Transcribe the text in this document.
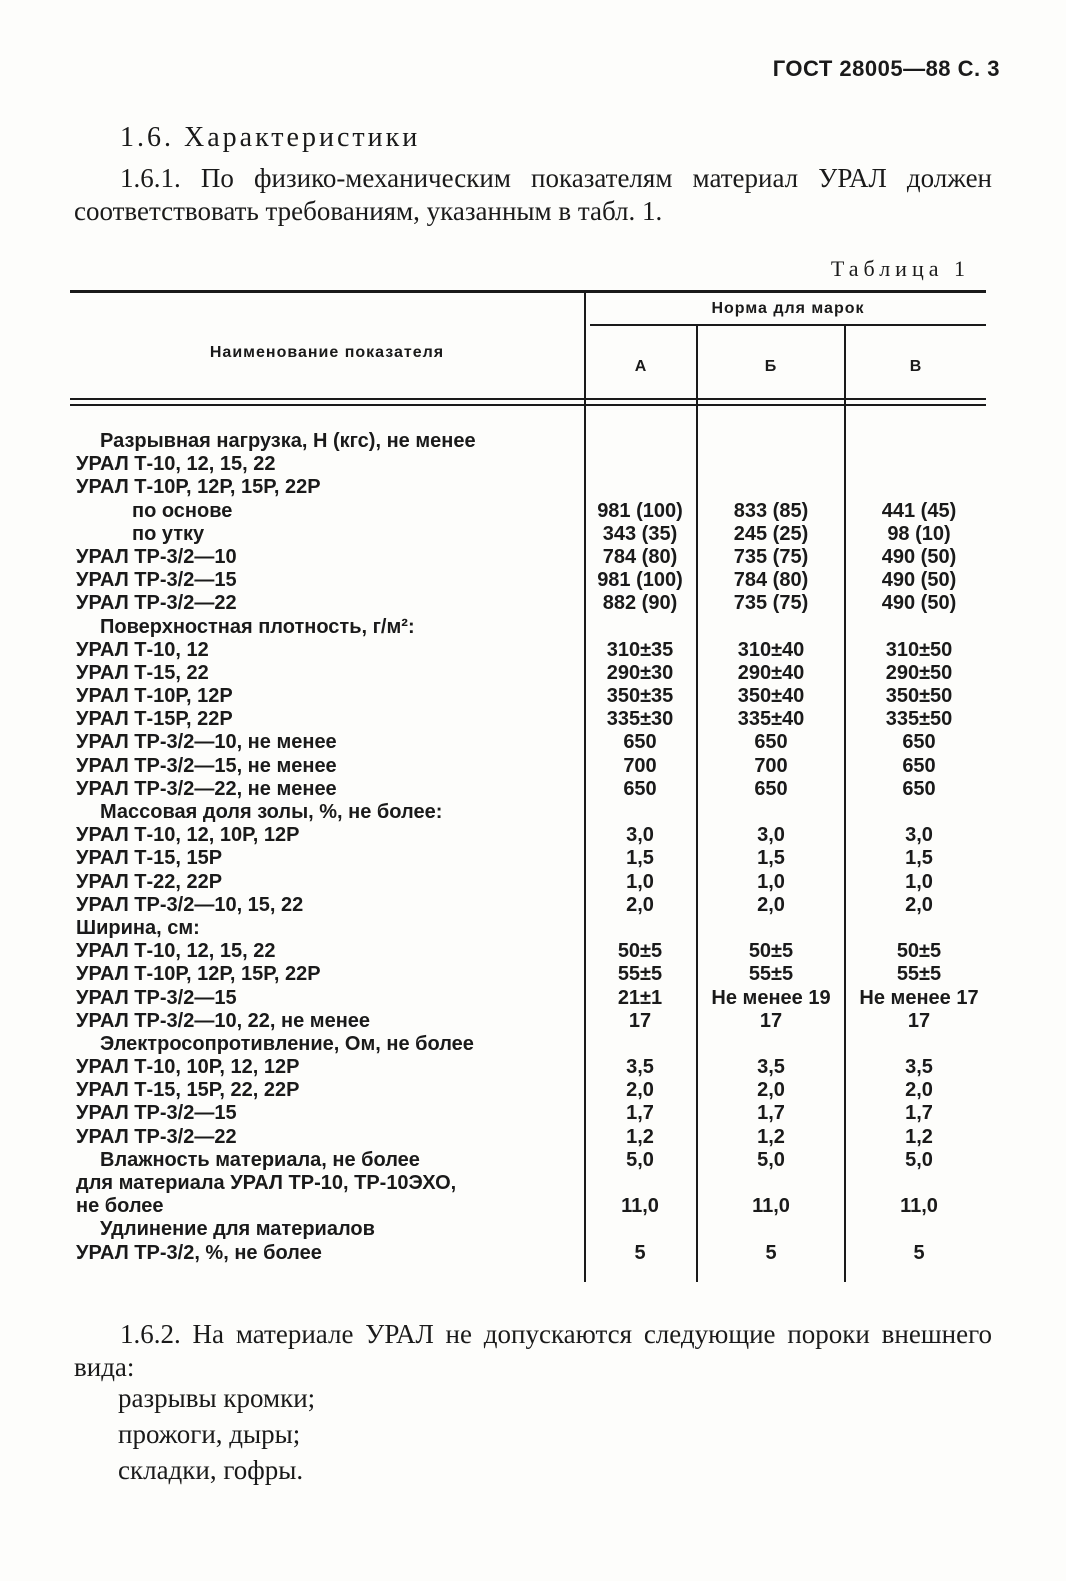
ГОСТ 28005—88 С. 3
1.6. Характеристики

1.6.1. По физико-механическим показателям материал УРАЛ должен соответствовать требованиям, указанным в табл. 1.

Таблица 1
Наименование показателя
Норма для марок
А	Б	В
Разрывная нагрузка, Н (кгс), не менее
УРАЛ Т-10, 12, 15, 22
УРАЛ Т-10Р, 12Р, 15Р, 22Р
по основе	981 (100)	833 (85)	441 (45)
по утку	343 (35)	245 (25)	98 (10)
УРАЛ ТР-3/2—10	784 (80)	735 (75)	490 (50)
УРАЛ ТР-3/2—15	981 (100)	784 (80)	490 (50)
УРАЛ ТР-3/2—22	882 (90)	735 (75)	490 (50)
Поверхностная плотность, г/м²:
УРАЛ Т-10, 12	310±35	310±40	310±50
УРАЛ Т-15, 22	290±30	290±40	290±50
УРАЛ Т-10Р, 12Р	350±35	350±40	350±50
УРАЛ Т-15Р, 22Р	335±30	335±40	335±50
УРАЛ ТР-3/2—10, не менее	650	650	650
УРАЛ ТР-3/2—15, не менее	700	700	650
УРАЛ ТР-3/2—22, не менее	650	650	650
Массовая доля золы, %, не более:
УРАЛ Т-10, 12, 10Р, 12Р	3,0	3,0	3,0
УРАЛ Т-15, 15Р	1,5	1,5	1,5
УРАЛ Т-22, 22Р	1,0	1,0	1,0
УРАЛ ТР-3/2—10, 15, 22	2,0	2,0	2,0
Ширина, см:
УРАЛ Т-10, 12, 15, 22	50±5	50±5	50±5
УРАЛ Т-10Р, 12Р, 15Р, 22Р	55±5	55±5	55±5
УРАЛ ТР-3/2—15	21±1	Не менее 19	Не менее 17
УРАЛ ТР-3/2—10, 22, не менее	17	17	17
Электросопротивление, Ом, не более
УРАЛ Т-10, 10Р, 12, 12Р	3,5	3,5	3,5
УРАЛ Т-15, 15Р, 22, 22Р	2,0	2,0	2,0
УРАЛ ТР-3/2—15	1,7	1,7	1,7
УРАЛ ТР-3/2—22	1,2	1,2	1,2
Влажность материала, не более	5,0	5,0	5,0
для материала УРАЛ ТР-10, ТР-10ЭХО,
не более	11,0	11,0	11,0
Удлинение для материалов
УРАЛ ТР-3/2, %, не более	5	5	5

1.6.2. На материале УРАЛ не допускаются следующие пороки внешнего вида:

разрывы кромки;
прожоги, дыры;
складки, гофры.
